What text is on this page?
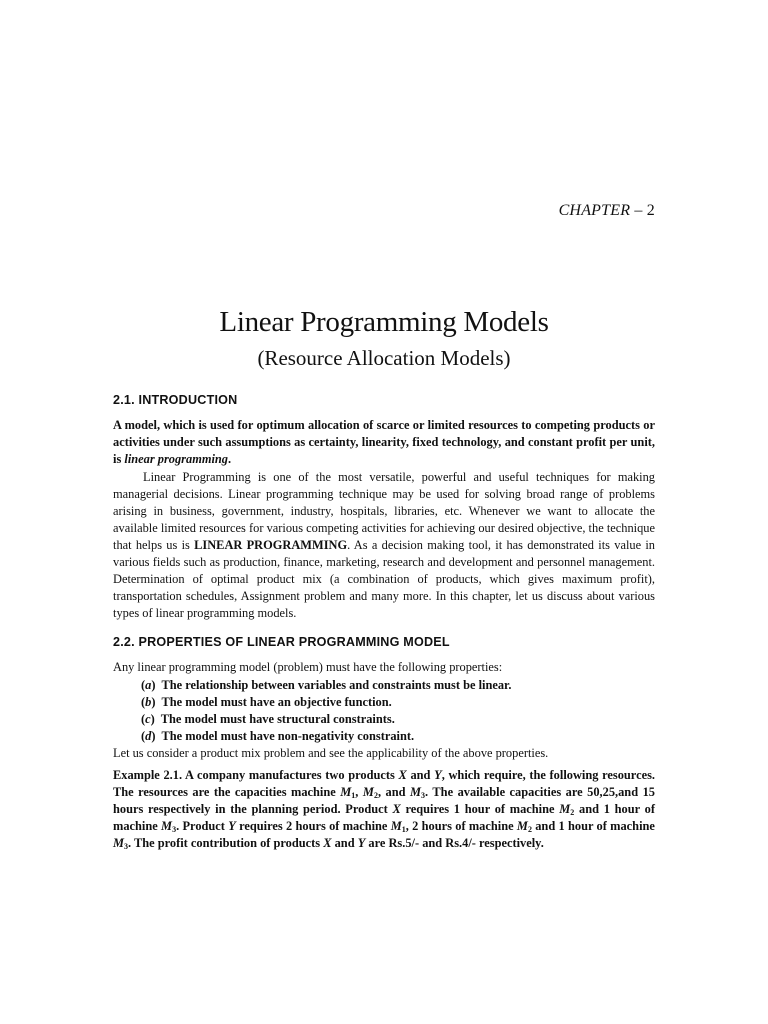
CHAPTER – 2
Linear Programming Models
(Resource Allocation Models)
2.1. INTRODUCTION
A model, which is used for optimum allocation of scarce or limited resources to competing products or activities under such assumptions as certainty, linearity, fixed technology, and constant profit per unit, is linear programming.
Linear Programming is one of the most versatile, powerful and useful techniques for making managerial decisions. Linear programming technique may be used for solving broad range of problems arising in business, government, industry, hospitals, libraries, etc. Whenever we want to allocate the available limited resources for various competing activities for achieving our desired objective, the technique that helps us is LINEAR PROGRAMMING. As a decision making tool, it has demonstrated its value in various fields such as production, finance, marketing, research and development and personnel management. Determination of optimal product mix (a combination of products, which gives maximum profit), transportation schedules, Assignment problem and many more. In this chapter, let us discuss about various types of linear programming models.
2.2. PROPERTIES OF LINEAR PROGRAMMING MODEL
Any linear programming model (problem) must have the following properties:
(a)  The relationship between variables and constraints must be linear.
(b)  The model must have an objective function.
(c)  The model must have structural constraints.
(d)  The model must have non-negativity constraint.
Let us consider a product mix problem and see the applicability of the above properties.
Example 2.1. A company manufactures two products X and Y, which require, the following resources. The resources are the capacities machine $M_1$, $M_2$, and $M_3$. The available capacities are 50,25,and 15 hours respectively in the planning period. Product X requires 1 hour of machine $M_2$ and 1 hour of machine $M_3$. Product Y requires 2 hours of machine $M_1$, 2 hours of machine $M_2$ and 1 hour of machine $M_3$. The profit contribution of products X and Y are Rs.5/- and Rs.4/- respectively.
